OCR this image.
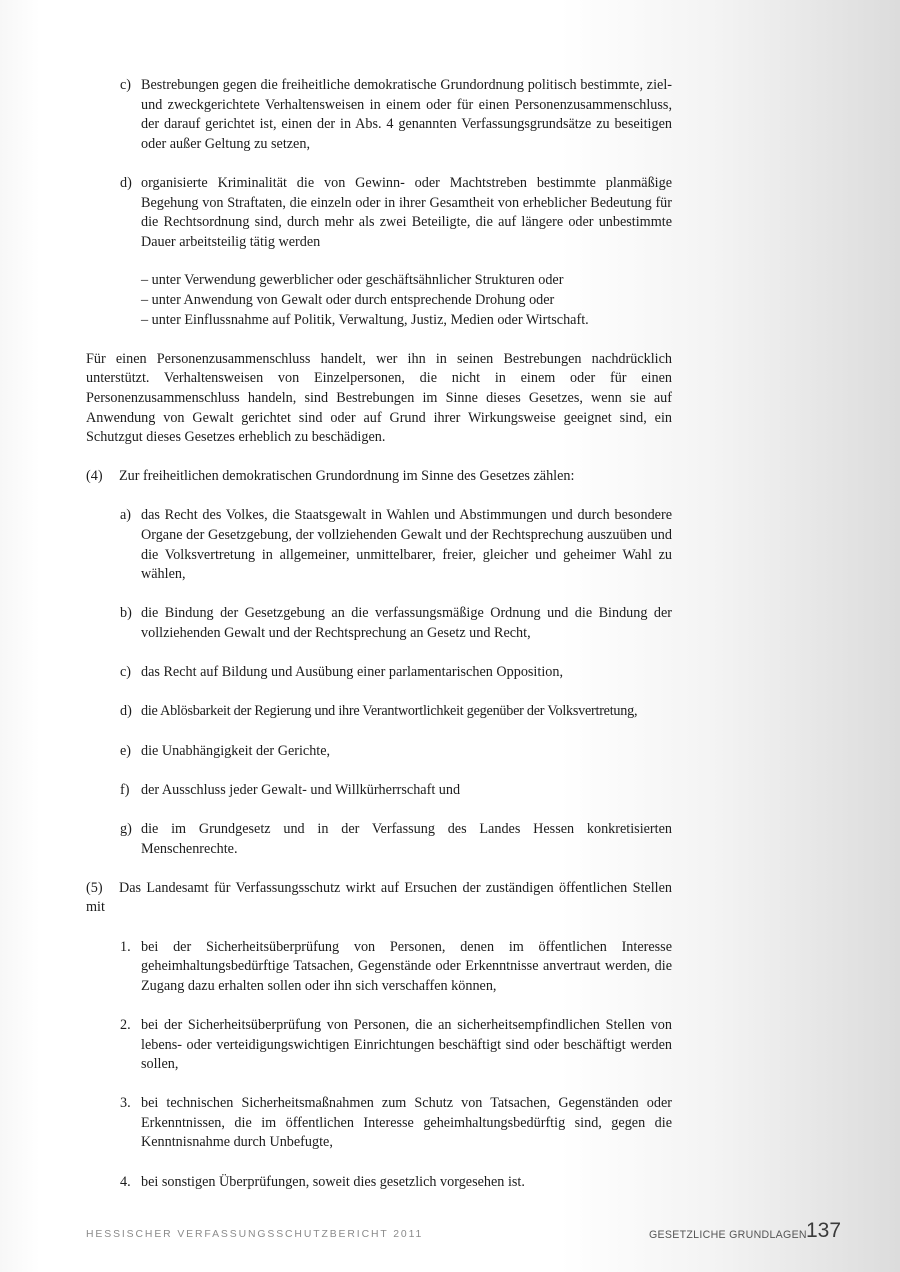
c) Bestrebungen gegen die freiheitliche demokratische Grundordnung politisch bestimmte, ziel- und zweckgerichtete Verhaltensweisen in einem oder für einen Personenzusammenschluss, der darauf gerichtet ist, einen der in Abs. 4 genannten Verfassungsgrundsätze zu beseitigen oder außer Geltung zu setzen,
d) organisierte Kriminalität die von Gewinn- oder Machtstreben bestimmte planmäßige Begehung von Straftaten, die einzeln oder in ihrer Gesamtheit von erheblicher Bedeutung für die Rechtsordnung sind, durch mehr als zwei Beteiligte, die auf längere oder unbestimmte Dauer arbeitsteilig tätig werden
– unter Verwendung gewerblicher oder geschäftsähnlicher Strukturen oder
– unter Anwendung von Gewalt oder durch entsprechende Drohung oder
– unter Einflussnahme auf Politik, Verwaltung, Justiz, Medien oder Wirtschaft.

Für einen Personenzusammenschluss handelt, wer ihn in seinen Bestrebungen nachdrücklich unterstützt. Verhaltensweisen von Einzelpersonen, die nicht in einem oder für einen Personenzusammenschluss handeln, sind Bestrebungen im Sinne dieses Gesetzes, wenn sie auf Anwendung von Gewalt gerichtet sind oder auf Grund ihrer Wirkungsweise geeignet sind, ein Schutzgut dieses Gesetzes erheblich zu beschädigen.

(4) Zur freiheitlichen demokratischen Grundordnung im Sinne des Gesetzes zählen:

a) das Recht des Volkes, die Staatsgewalt in Wahlen und Abstimmungen und durch besondere Organe der Gesetzgebung, der vollziehenden Gewalt und der Rechtsprechung auszuüben und die Volksvertretung in allgemeiner, unmittelbarer, freier, gleicher und geheimer Wahl zu wählen,
b) die Bindung der Gesetzgebung an die verfassungsmäßige Ordnung und die Bindung der vollziehenden Gewalt und der Rechtsprechung an Gesetz und Recht,
c) das Recht auf Bildung und Ausübung einer parlamentarischen Opposition,
d) die Ablösbarkeit der Regierung und ihre Verantwortlichkeit gegenüber der Volksvertretung,
e) die Unabhängigkeit der Gerichte,
f) der Ausschluss jeder Gewalt- und Willkürherrschaft und
g) die im Grundgesetz und in der Verfassung des Landes Hessen konkretisierten Menschenrechte.

(5) Das Landesamt für Verfassungsschutz wirkt auf Ersuchen der zuständigen öffentlichen Stellen mit

1. bei der Sicherheitsüberprüfung von Personen, denen im öffentlichen Interesse geheimhaltungsbedürftige Tatsachen, Gegenstände oder Erkenntnisse anvertraut werden, die Zugang dazu erhalten sollen oder ihn sich verschaffen können,
2. bei der Sicherheitsüberprüfung von Personen, die an sicherheitsempfindlichen Stellen von lebens- oder verteidigungswichtigen Einrichtungen beschäftigt sind oder beschäftigt werden sollen,
3. bei technischen Sicherheitsmaßnahmen zum Schutz von Tatsachen, Gegenständen oder Erkenntnissen, die im öffentlichen Interesse geheimhaltungsbedürftig sind, gegen die Kenntnisnahme durch Unbefugte,
4. bei sonstigen Überprüfungen, soweit dies gesetzlich vorgesehen ist.
HESSISCHER VERFASSUNGSSCHUTZBERICHT 2011	GESETZLICHE GRUNDLAGEN 137
